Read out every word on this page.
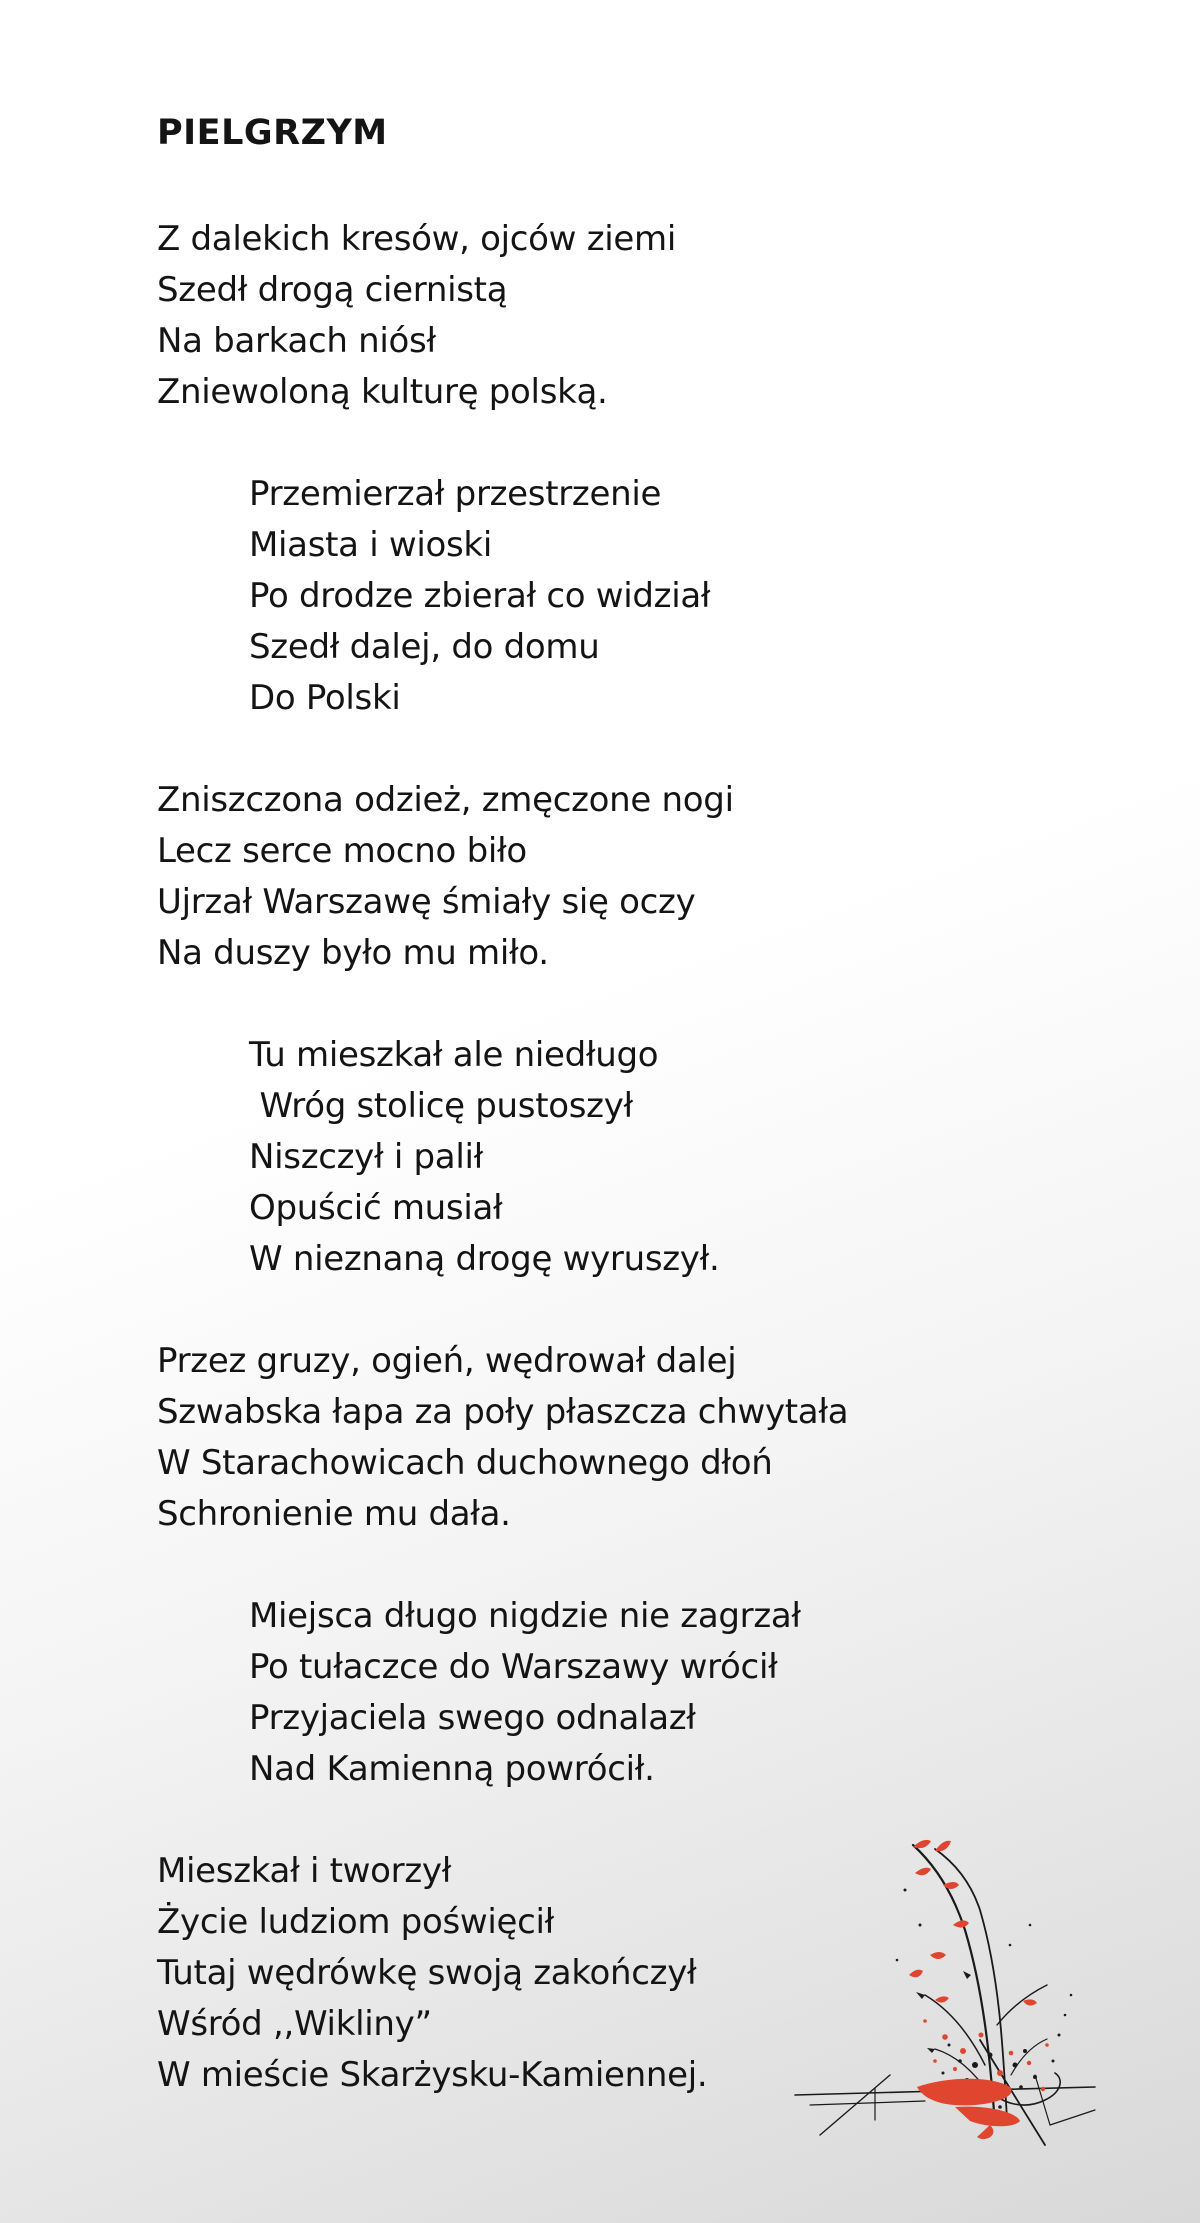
PIELGRZYM
Z dalekich kresów, ojców ziemi
Szedł drogą ciernistą
Na barkach niósł
Zniewoloną kulturę polską.
Przemierzał przestrzenie
Miasta i wioski
Po drodze zbierał co widział
Szedł dalej, do domu
Do Polski
Zniszczona odzież, zmęczone nogi
Lecz serce mocno biło
Ujrzał Warszawę śmiały się oczy
Na duszy było mu miło.
Tu mieszkał ale niedługo
Wróg stolicę pustoszył
Niszczył i palił
Opuścić musiał
W nieznaną drogę wyruszył.
Przez gruzy, ogień, wędrował dalej
Szwabska łapa za poły płaszcza chwytała
W Starachowicach duchownego dłoń
Schronienie mu dała.
Miejsca długo nigdzie nie zagrzał
Po tułaczce do Warszawy wrócił
Przyjaciela swego odnalazł
Nad Kamienną powrócił.
Mieszkał i tworzył
Życie ludziom poświęcił
Tutaj wędrówkę swoją zakończył
Wśród ,,Wikliny”
W mieście Skarżysku-Kamiennej.
